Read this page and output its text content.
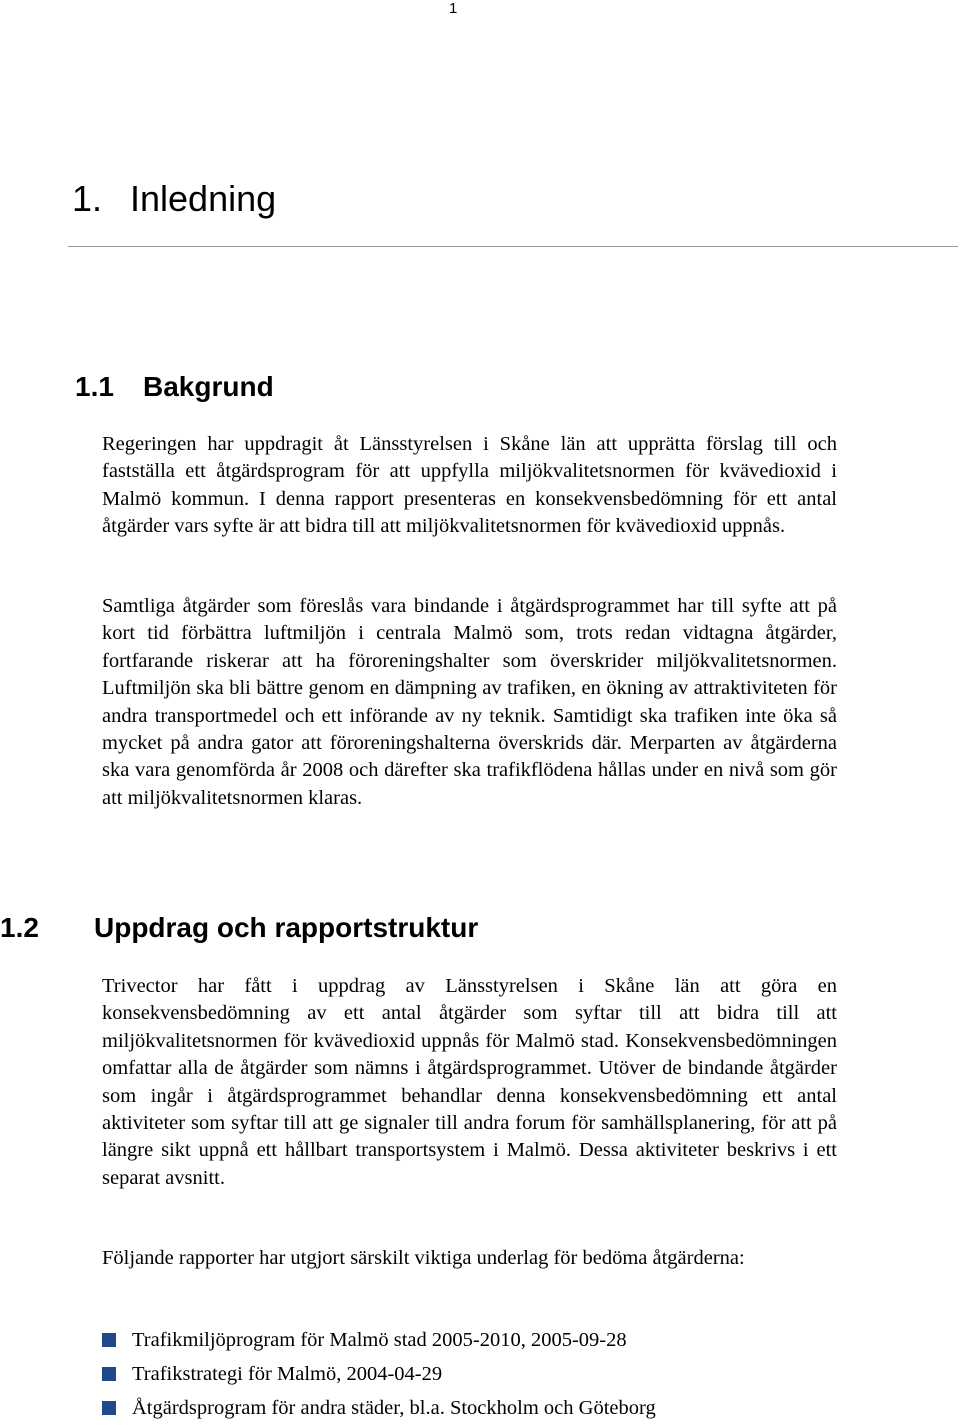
1
1. Inledning
1.1 Bakgrund

Regeringen har uppdragit åt Länsstyrelsen i Skåne län att upprätta förslag till och fastställa ett åtgärdsprogram för att uppfylla miljökvalitetsnormen för kvävedioxid i Malmö kommun. I denna rapport presenteras en konsekvensbedömning för ett antal åtgärder vars syfte är att bidra till att miljökvalitetsnormen för kvävedioxid uppnås.

Samtliga åtgärder som föreslås vara bindande i åtgärdsprogrammet har till syfte att på kort tid förbättra luftmiljön i centrala Malmö som, trots redan vidtagna åtgärder, fortfarande riskerar att ha föroreningshalter som överskrider miljökvalitetsnormen. Luftmiljön ska bli bättre genom en dämpning av trafiken, en ökning av attraktiviteten för andra transportmedel och ett införande av ny teknik. Samtidigt ska trafiken inte öka så mycket på andra gator att föroreningshalterna överskrids där. Merparten av åtgärderna ska vara genomförda år 2008 och därefter ska trafikflödena hållas under en nivå som gör att miljökvalitetsnormen klaras.

1.2 Uppdrag och rapportstruktur

Trivector har fått i uppdrag av Länsstyrelsen i Skåne län att göra en konsekvensbedömning av ett antal åtgärder som syftar till att bidra till att miljökvalitetsnormen för kvävedioxid uppnås för Malmö stad. Konsekvensbedömningen omfattar alla de åtgärder som nämns i åtgärdsprogrammet. Utöver de bindande åtgärder som ingår i åtgärdsprogrammet behandlar denna konsekvensbedömning ett antal aktiviteter som syftar till att ge signaler till andra forum för samhällsplanering, för att på längre sikt uppnå ett hållbart transportsystem i Malmö. Dessa aktiviteter beskrivs i ett separat avsnitt.

Följande rapporter har utgjort särskilt viktiga underlag för bedöma åtgärderna:

Trafikmiljöprogram för Malmö stad 2005-2010, 2005-09-28
Trafikstrategi för Malmö, 2004-04-29
Åtgärdsprogram för andra städer, bl.a. Stockholm och Göteborg
